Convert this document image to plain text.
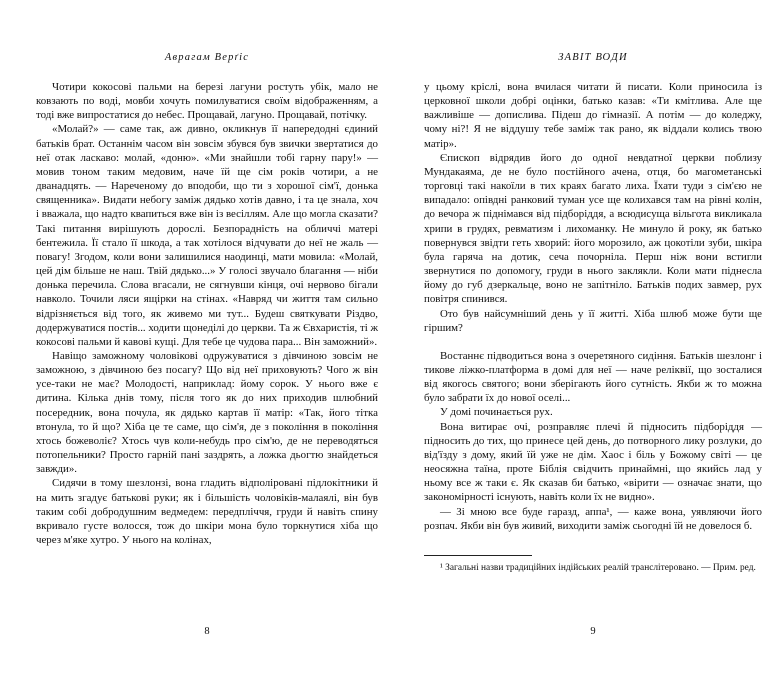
Аврагам Верґіс

Чотири кокосові пальми на березі лагуни ростуть убік, мало не ковзають по воді, мовби хочуть помилуватися своїм відображенням, а тоді вже випростатися до небес. Прощавай, лагуно. Прощавай, потічку.

«Молай?» — саме так, аж дивно, окликнув її напередодні єдиний батьків брат. Останнім часом він зовсім збувся був звички звертатися до неї отак ласкаво: молай, «доню». «Ми знайшли тобі гарну пару!» — мовив тоном таким медовим, наче їй ще сім років чотири, а не дванадцять. — Нареченому до вподоби, що ти з хорошої сім'ї, донька священника». Видати небогу заміж дядько хотів давно, і та це знала, хоч і вважала, що надто квапиться вже він із весіллям. Але що могла сказати? Такі питання вирішують дорослі. Безпорадність на обличчі матері бентежила. Її стало її шкода, а так хотілося відчувати до неї не жаль — повагу! Згодом, коли вони залишилися наодинці, мати мовила: «Молай, цей дім більше не наш. Твій дядько...» У голосі звучало благання — ніби донька перечила. Слова вгасали, не сягнувши кінця, очі нервово бігали навколо. Точили ляси ящірки на стінах. «Навряд чи життя там сильно відрізняється від того, як живемо ми тут... Будеш святкувати Різдво, додержуватися постів... ходити щонеділі до церкви. Та ж Євхаристія, ті ж кокосові пальми й кавові кущі. Для тебе це чудова пара... Він заможний».

Навіщо заможному чоловікові одружуватися з дівчиною зовсім не заможною, з дівчиною без посагу? Що від неї приховують? Чого ж він усе-таки не має? Молодості, наприклад: йому сорок. У нього вже є дитина. Кілька днів тому, після того як до них приходив шлюбний посередник, вона почула, як дядько картав її матір: «Так, його тітка втонула, то й що? Хіба це те саме, що сім'я, де з покоління в покоління хтось божеволіє? Хтось чув коли-небудь про сім'ю, де не переводяться потопельники? Просто гарній пані заздрять, а ложка дьогтю знайдеться завжди».

Сидячи в тому шезлонзі, вона гладить відполіровані підлокітники й на мить згадує батькові руки; як і більшість чоловіків-малаялі, він був таким собі добродушним ведмедем: передпліччя, груди й навіть спину вкривало густе волосся, тож до шкіри мона було торкнутися хіба що через м'яке хутро. У нього на колінах,

8
ЗАВІТ ВОДИ

у цьому кріслі, вона вчилася читати й писати. Коли приносила із церковної школи добрі оцінки, батько казав: «Ти кмітлива. Але ще важливіше — допислива. Підеш до гімназії. А потім — до коледжу, чому ні?! Я не віддушу тебе заміж так рано, як віддали колись твою матір».

Єпископ відрядив його до одної невдатної церкви поблизу Мундакаяма, де не було постійного ачена, отця, бо магометанські торговці такі накоїли в тих краях багато лиха. Їхати туди з сім'єю не випадало: опівдні ранковий туман усе ще колихався там на рівні колін, до вечора ж піднімався від підборіддя, а всюдисуща вільгота викликала хрипи в грудях, ревматизм і лихоманку. Не минуло й року, як батько повернувся звідти геть хворий: його морозило, аж цокотіли зуби, шкіра була гаряча на дотик, сеча почорніла. Перш ніж вони встигли звернутися по допомогу, груди в нього заклякли. Коли мати піднесла йому до губ дзеркальце, воно не запітніло. Батьків подих завмер, рух повітря спинився.

Ото був найсумніший день у її житті. Хіба шлюб може бути ще гіршим?

Востаннє підводиться вона з очеретяного сидіння. Батьків шезлонг і тикове ліжко-платформа в домі для неї — наче реліквії, що зосталися від якогось святого; вони зберігають його сутність. Якби ж то можна було забрати їх до нової оселі...

У домі починається рух.

Вона витирає очі, розправляє плечі й підносить підборіддя — підносить до тих, що принесе цей день, до потворного лику розлуки, до від'їзду з дому, який їй уже не дім. Хаос і біль у Божому світі — це неосяжна таїна, проте Біблія свідчить принаймні, що якийсь лад у ньому все ж таки є. Як сказав би батько, «вірити — означає знати, що закономірності існують, навіть коли їх не видно».

— Зі мною все буде гаразд, аппа¹, — каже вона, уявляючи його розпач. Якби він був живий, виходити заміж сьогодні їй не довелося б.

¹ Загальні назви традиційних індійських реалій транслітеровано. — Прим. ред.
9
